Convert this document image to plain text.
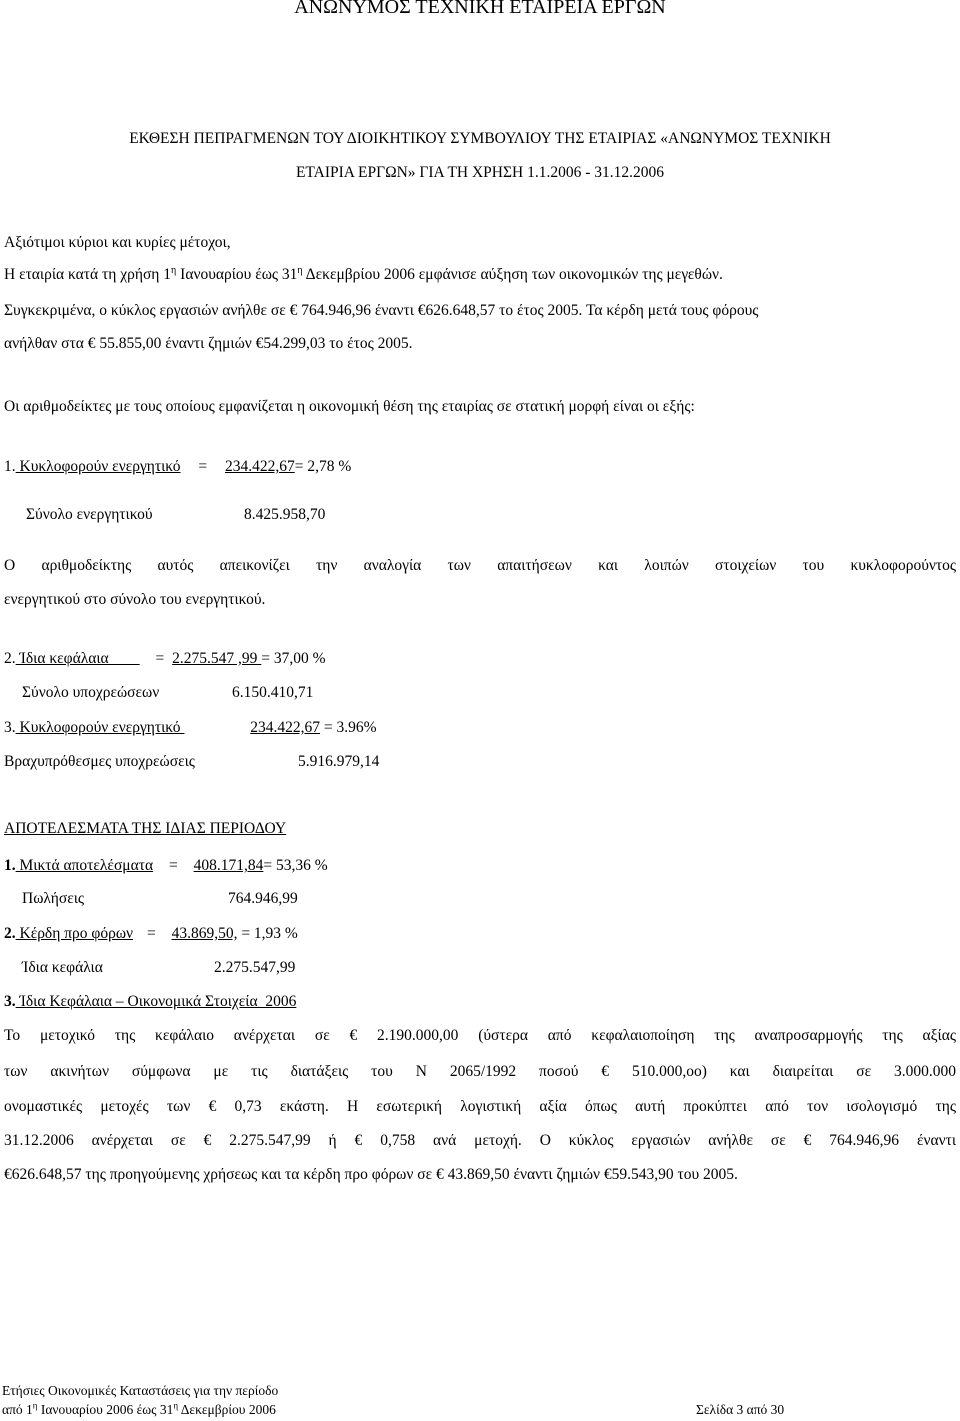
ΑΝΩΝΥΜΟΣ ΤΕΧΝΙΚΗ ΕΤΑΙΡΕΙΑ ΕΡΓΩΝ
ΕΚΘΕΣΗ ΠΕΠΡΑΓΜΕΝΩΝ ΤΟΥ ΔΙΟΙΚΗΤΙΚΟΥ ΣΥΜΒΟΥΛΙΟΥ ΤΗΣ ΕΤΑΙΡΙΑΣ «ΑΝΩΝΥΜΟΣ ΤΕΧΝΙΚΗ
ΕΤΑΙΡΙΑ ΕΡΓΩΝ» ΓΙΑ ΤΗ ΧΡΗΣΗ 1.1.2006 - 31.12.2006
Αξιότιμοι κύριοι και κυρίες μέτοχοι,
Η εταιρία κατά τη χρήση $1^\eta$ Ιανουαρίου έως $31^\eta$ Δεκεμβρίου 2006 εμφάνισε αύξηση των οικονομικών της μεγεθών.
Συγκεκριμένα, ο κύκλος εργασιών ανήλθε σε € 764.946,96 έναντι €626.648,57 το έτος 2005. Τα κέρδη μετά τους φόρους
ανήλθαν στα € 55.855,00 έναντι ζημιών €54.299,03 το έτος 2005.
Οι αριθμοδείκτες με τους οποίους εμφανίζεται η οικονομική θέση της εταιρίας σε στατική μορφή είναι οι εξής:
1. Κυκλοφορούν ενεργητικό = 234.422,67= 2,78 %
Σύνολο ενεργητικού	8.425.958,70
Ο αριθμοδείκτης αυτός απεικονίζει την αναλογία των απαιτήσεων και λοιπών στοιχείων του κυκλοφορούντος
ενεργητικού στο σύνολο του ενεργητικού.
2. Ίδια κεφάλαια         = 2.275.547 ,99 = 37,00 %
Σύνολο υποχρεώσεων	6.150.410,71
3. Κυκλοφορούν ενεργητικό	234.422,67 = 3.96%
Βραχυπρόθεσμες υποχρεώσεις	5.916.979,14
ΑΠΟΤΕΛΕΣΜΑΤΑ ΤΗΣ ΙΔΙΑΣ ΠΕΡΙΟΔΟΥ
1. Μικτά αποτελέσματα = 408.171,84= 53,36 %
Πωλήσεις	764.946,99
2. Κέρδη προ φόρων = 43.869,50, = 1,93 %
Ίδια κεφάλια	2.275.547,99
3. Ίδια Κεφάλαια – Οικονομικά Στοιχεία  2006
Το μετοχικό της κεφάλαιο ανέρχεται σε € 2.190.000,00 (ύστερα από κεφαλαιοποίηση της αναπροσαρμογής της αξίας
των ακινήτων σύμφωνα με τις διατάξεις του Ν 2065/1992 ποσού € 510.000,οο) και διαιρείται σε 3.000.000
ονομαστικές μετοχές των € 0,73 εκάστη. Η εσωτερική λογιστική αξία όπως αυτή προκύπτει από τον ισολογισμό της
31.12.2006 ανέρχεται σε € 2.275.547,99 ή € 0,758 ανά μετοχή. Ο κύκλος εργασιών ανήλθε σε € 764.946,96 έναντι
€626.648,57 της προηγούμενης χρήσεως και τα κέρδη προ φόρων σε € 43.869,50 έναντι ζημιών €59.543,90 του 2005.
Ετήσιες Οικονομικές Καταστάσεις για την περίοδο
από $1^\eta$ Ιανουαρίου 2006 έως $31^\eta$ Δεκεμβρίου 2006	Σελίδα 3 από 30
